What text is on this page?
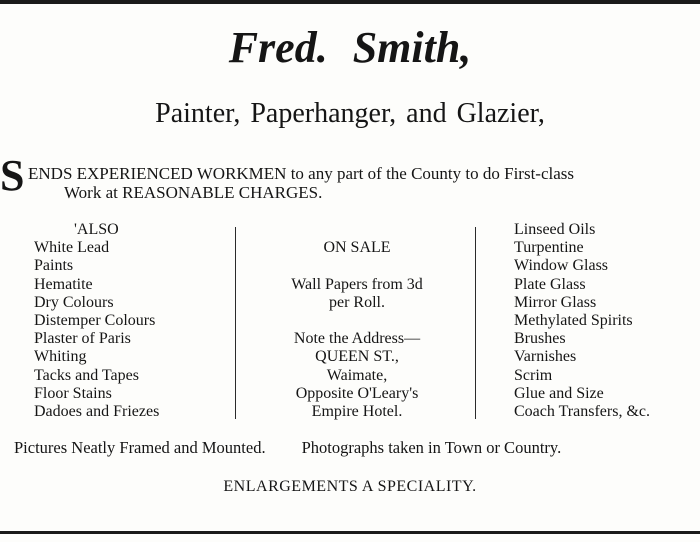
Fred. Smith,
Painter, Paperhanger, and Glazier,
S ENDS EXPERIENCED WORKMEN to any part of the County to do First-class
Work at REASONABLE CHARGES.
'ALSO
White Lead
Paints
Hematite
Dry Colours
Distemper Colours
Plaster of Paris
Whiting
Tacks and Tapes
Floor Stains
Dadoes and Friezes
ON SALE
Wall Papers from 3d
per Roll.
Note the Address—
QUEEN ST.,
Waimate,
Opposite O'Leary's
Empire Hotel.
Linseed Oils
Turpentine
Window Glass
Plate Glass
Mirror Glass
Methylated Spirits
Brushes
Varnishes
Scrim
Glue and Size
Coach Transfers, &c.
Pictures Neatly Framed and Mounted. Photographs taken in Town or Country.
ENLARGEMENTS A SPECIALITY.
